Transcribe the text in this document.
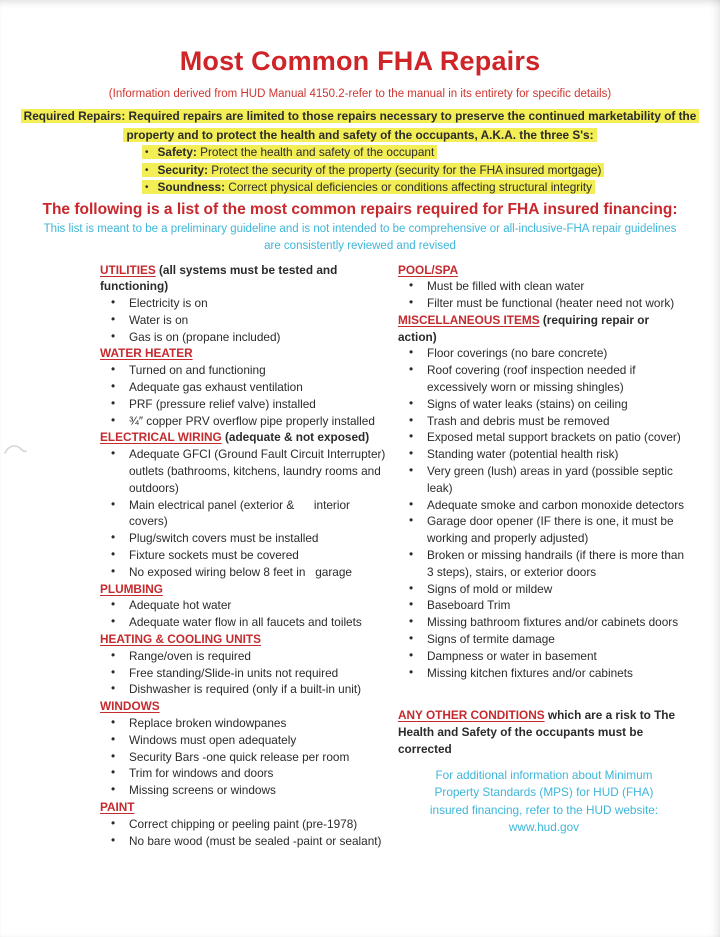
Most Common FHA Repairs
(Information derived from HUD Manual 4150.2-refer to the manual in its entirety for specific details)
Required Repairs: Required repairs are limited to those repairs necessary to preserve the continued marketability of the
property and to protect the health and safety of the occupants, A.K.A. the three S's:
• Safety: Protect the health and safety of the occupant
• Security: Protect the security of the property (security for the FHA insured mortgage)
• Soundness: Correct physical deficiencies or conditions affecting structural integrity
The following is a list of the most common repairs required for FHA insured financing:
This list is meant to be a preliminary guideline and is not intended to be comprehensive or all-inclusive-FHA repair guidelines
are consistently reviewed and revised
UTILITIES (all systems must be tested and functioning)
• Electricity is on
• Water is on
• Gas is on (propane included)
WATER HEATER
• Turned on and functioning
• Adequate gas exhaust ventilation
• PRF (pressure relief valve) installed
• ¾″ copper PRV overflow pipe properly installed
ELECTRICAL WIRING (adequate & not exposed)
• Adequate GFCI (Ground Fault Circuit Interrupter) outlets (bathrooms, kitchens, laundry rooms and outdoors)
• Main electrical panel (exterior &      interior covers)
• Plug/switch covers must be installed
• Fixture sockets must be covered
• No exposed wiring below 8 feet in   garage
PLUMBING
• Adequate hot water
• Adequate water flow in all faucets and toilets
HEATING & COOLING UNITS
• Range/oven is required
• Free standing/Slide-in units not required
• Dishwasher is required (only if a built-in unit)
WINDOWS
• Replace broken windowpanes
• Windows must open adequately
• Security Bars -one quick release per room
• Trim for windows and doors
• Missing screens or windows
PAINT
• Correct chipping or peeling paint (pre-1978)
• No bare wood (must be sealed -paint or sealant)
POOL/SPA
• Must be filled with clean water
• Filter must be functional (heater need not work)
MISCELLANEOUS ITEMS (requiring repair or action)
• Floor coverings (no bare concrete)
• Roof covering (roof inspection needed if excessively worn or missing shingles)
• Signs of water leaks (stains) on ceiling
• Trash and debris must be removed
• Exposed metal support brackets on patio (cover)
• Standing water (potential health risk)
• Very green (lush) areas in yard (possible septic leak)
• Adequate smoke and carbon monoxide detectors
• Garage door opener (IF there is one, it must be working and properly adjusted)
• Broken or missing handrails (if there is more than 3 steps), stairs, or exterior doors
• Signs of mold or mildew
• Baseboard Trim
• Missing bathroom fixtures and/or cabinets doors
• Signs of termite damage
• Dampness or water in basement
• Missing kitchen fixtures and/or cabinets
ANY OTHER CONDITIONS which are a risk to The Health and Safety of the occupants must be corrected
For additional information about Minimum
Property Standards (MPS) for HUD (FHA)
insured financing, refer to the HUD website:
www.hud.gov
